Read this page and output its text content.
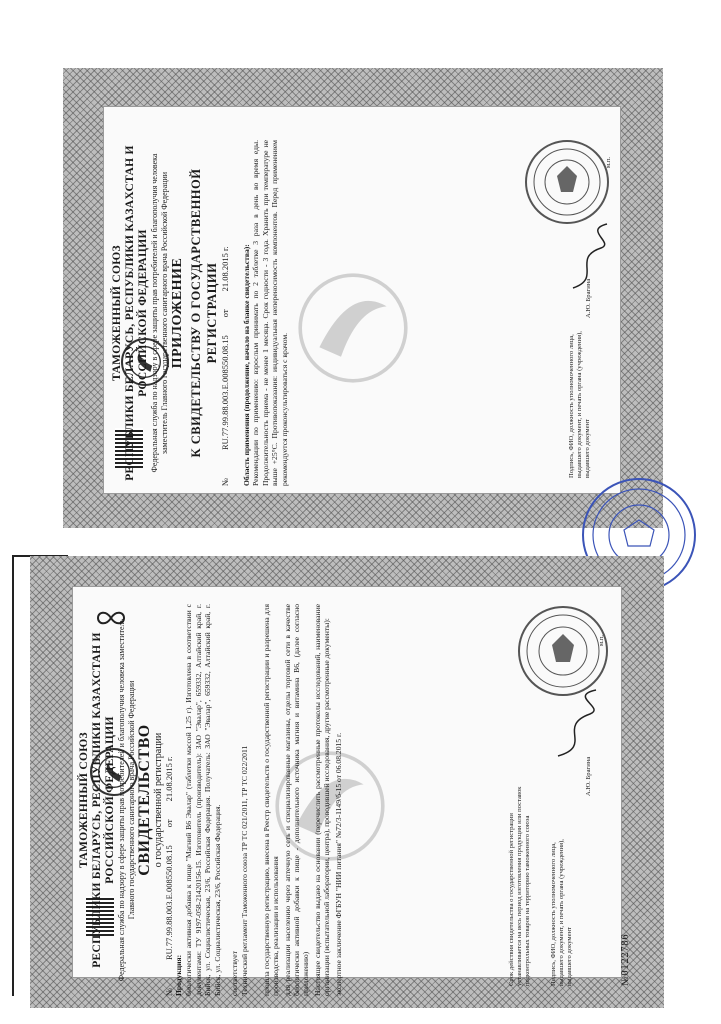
ТАМОЖЕННЫЙ СОЮЗ РЕСПУБЛИКИ БЕЛАРУСЬ, РЕСПУБЛИКИ КАЗАХСТАН И РОССИЙСКОЙ ФЕДЕРАЦИИ Федеральная служба по надзору в сфере защиты прав потребителей и благополучия человека заместитель Главного государственного санитарного врача Российской Федерации ПРИЛОЖЕНИЕ К СВИДЕТЕЛЬСТВУ О ГОСУДАРСТВЕННОЙ РЕГИСТРАЦИИ
№
RU.77.99.88.003.Е.008550.08.15
от
21.08.2015 г. Область применения (продолжение, начало на бланке свидетельства): Рекомендации по применению: взрослым принимать по 2 таблетке 3 раза в день во время еды. Продолжительность приема - не менее 1 месяца. Срок годности - 3 года. Хранить при температуре не выше +25°С. Противопоказания: индивидуальная непереносимость компонентов. Перед применением рекомендуется проконсультироваться с врачом.	Подпись, ФИО, должность уполномоченного лица, выдавшего документ, и печать органа (учреждения), выдавшего документ
А.Ю. Брагина
м.п.
ТАМОЖЕННЫЙ СОЮЗ РЕСПУБЛИКИ БЕЛАРУСЬ, РЕСПУБЛИКИ КАЗАХСТАН И РОССИЙСКОЙ ФЕДЕРАЦИИ Федеральная служба по надзору в сфере защиты прав потребителей и благополучия человека заместитель Главного государственного санитарного врача Российской Федерации СВИДЕТЕЛЬСТВО о государственной регистрации
№
RU.77.99.88.003.Е.008550.08.15
от
21.08.2015 г.
Продукция: биологически активная добавка к пище "Магний В6 Эвалар" (таблетки массой 1,25 г). Изготовлена в соответствии с документами: ТУ 9197-058-21420156-15. Изготовитель (производитель): ЗАО "Эвалар", 659332, Алтайский край, г. Бийск, ул. Социалистическая, 23/6, Российская Федерация. Получатель: ЗАО "Эвалар", 659332, Алтайский край, г. Бийск, ул. Социалистическая, 23/6, Российская Федерация. соответствует Технический регламент Таможенного союза ТР ТС 021/2011, ТР ТС 022/2011 прошла государственную регистрацию, внесена в Реестр свидетельств о государственной регистрации и разрешена для производства, реализации и использования для реализации населению через аптечную сеть и специализированные магазины, отделы торговой сети в качестве биологически активной добавки к пище - дополнительного источника магния и витамина В6, (далее согласно приложению) Настоящее свидетельство выдано на основании (перечислить рассмотренные протоколы исследований, наименование организации (испытательной лаборатории, центра), проводившей исследования, другие рассмотренные документы): экспертное заключение ФГБУН "НИИ питания" №72/3-1149/б-15 от 06.08.2015 г.	Срок действия свидетельства о государственной регистрации устанавливается на весь период изготовления продукции или поставок подконтрольных товаров на территорию таможенного союза	Подпись, ФИО, должность уполномоченного лица, выдавшего документ, и печать органа (учреждения), выдавшего документ
А.Ю. Брагина
м.п.
№0122786
